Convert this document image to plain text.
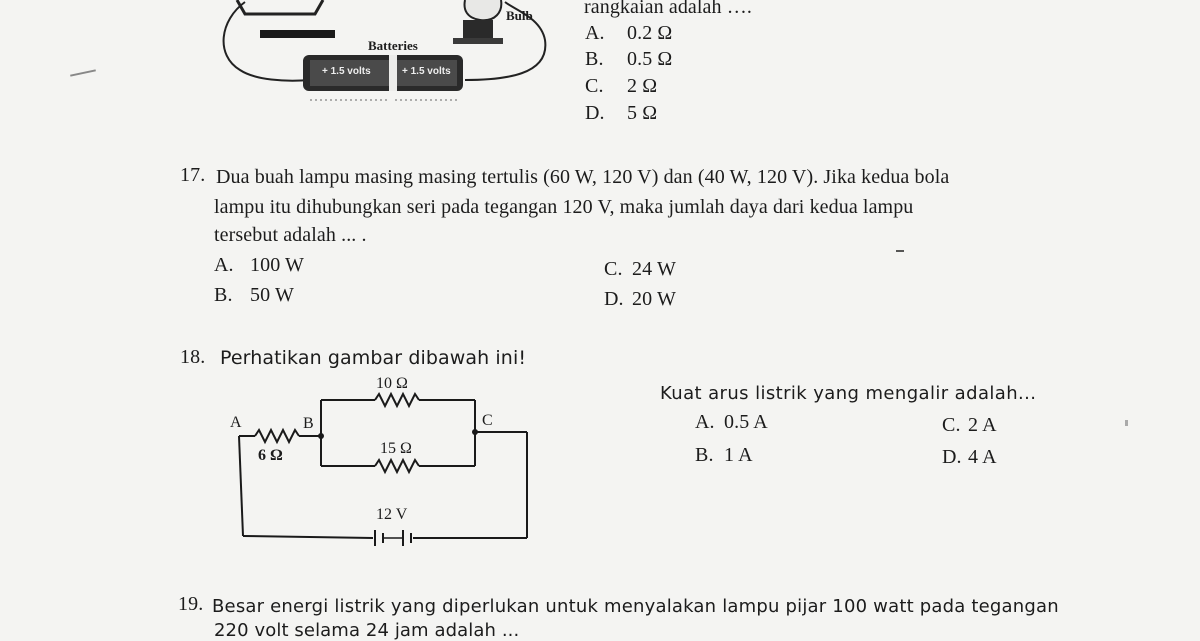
Bulb
Batteries
+ 1.5 volts	+ 1.5 volts
rangkaian adalah ….
A. 0.2 Ω
B. 0.5 Ω
C. 2 Ω
D. 5 Ω
17. Dua buah lampu masing masing tertulis (60 W, 120 V) dan (40 W, 120 V). Jika kedua bola
lampu itu dihubungkan seri pada tegangan 120 V, maka jumlah daya dari kedua lampu
tersebut adalah ... .
A. 100 W
B. 50 W
C. 24 W
D. 20 W
18. Perhatikan gambar dibawah ini!
10 Ω
15 Ω
6 Ω
12 V
A	B	C
Kuat arus listrik yang mengalir adalah...
A. 0.5 A
B. 1 A
C. 2 A
D. 4 A
19. Besar energi listrik yang diperlukan untuk menyalakan lampu pijar 100 watt pada tegangan
220 volt selama 24 jam adalah ...
